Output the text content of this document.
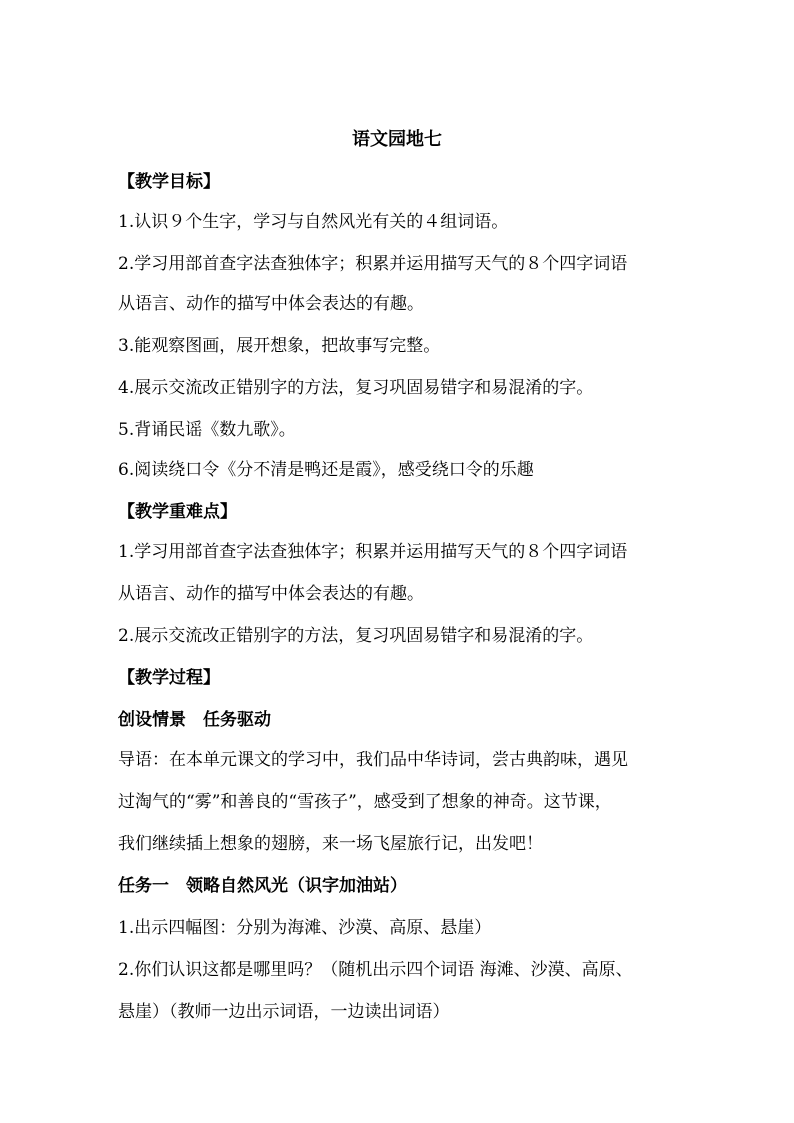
语文园地七
【教学目标】
1.认识９个生字，学习与自然风光有关的４组词语。
2.学习用部首查字法查独体字；积累并运用描写天气的８个四字词语
从语言、动作的描写中体会表达的有趣。
3.能观察图画，展开想象，把故事写完整。
4.展示交流改正错别字的方法，复习巩固易错字和易混淆的字。
5.背诵民谣《数九歌》。
6.阅读绕口令《分不清是鸭还是霞》，感受绕口令的乐趣
【教学重难点】
1.学习用部首查字法查独体字；积累并运用描写天气的８个四字词语
从语言、动作的描写中体会表达的有趣。
2.展示交流改正错别字的方法，复习巩固易错字和易混淆的字。
【教学过程】
创设情景　任务驱动
导语：在本单元课文的学习中，我们品中华诗词，尝古典韵味，遇见
过淘气的“雾”和善良的“雪孩子”，感受到了想象的神奇。这节课，
我们继续插上想象的翅膀，来一场飞屋旅行记，出发吧！
任务一　领略自然风光（识字加油站）
1.出示四幅图：分别为海滩、沙漠、高原、悬崖）
2.你们认识这都是哪里吗？（随机出示四个词语 海滩、沙漠、高原、
悬崖）（教师一边出示词语，一边读出词语）
